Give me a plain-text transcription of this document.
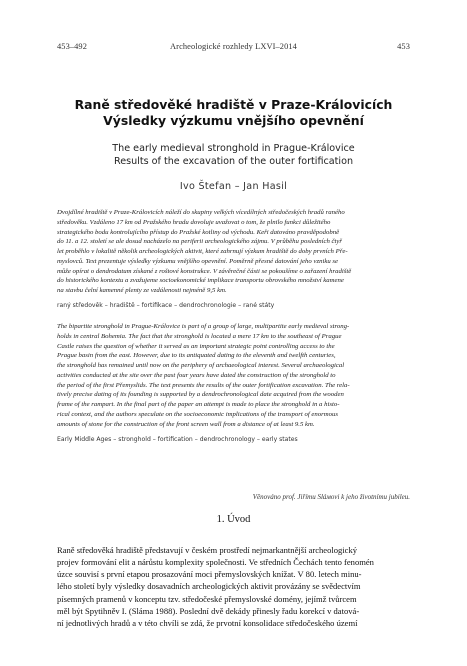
453–492	Archeologické rozhledy LXVI–2014	453
Raně středověké hradiště v Praze-Královicích
Výsledky výzkumu vnějšího opevnění
The early medieval stronghold in Prague-Královice
Results of the excavation of the outer fortification
Ivo Štefan – Jan Hasil
Dvojdílné hradiště v Praze-Královicích náleží do skupiny velkých vícedílných středočeských hradů raného
středověku. Vzdáleno 17 km od Pražského hradu dovoluje uvažovat o tom, že plnilo funkci důležitého
strategického bodu kontrolujícího přístup do Pražské kotliny od východu. Keři datováno pravděpodobně
do 11. a 12. století se ale dosud nacházelo na periferii archeologického zájmu. V průběhu posledních čtyř
let proběhlo v lokalitě několik archeologických aktivit, které zahrnují výzkum hradiště do doby prvních Pře-
myslovců. Text prezentuje výsledky výzkumu vnějšího opevnění. Poměrně přesné datování jeho vzniku se
může opírat o dendrodatum získané z roštové konstrukce. V závěrečné části se pokoušíme o zařazení hradiště
do historického kontextu a zvažujeme socioekonomické implikace transportu obrovského množství kamene
na stavbu čelní kamenné plenty ze vzdálenosti nejméně 9,5 km.
raný středověk – hradiště – fortifikace – dendrochronologie – rané státy
The bipartite stronghold in Prague-Královice is part of a group of large, multipartite early medieval strong-
holds in central Bohemia. The fact that the stronghold is located a mere 17 km to the southeast of Prague
Castle raises the question of whether it served as an important strategic point controlling access to the
Prague basin from the east. However, due to its antiquated dating to the eleventh and twelfth centuries,
the stronghold has remained until now on the periphery of archaeological interest. Several archaeological
activities conducted at the site over the past four years have dated the construction of the stronghold to
the period of the first Přemyslids. The text presents the results of the outer fortification excavation. The rela-
tively precise dating of its founding is supported by a dendrochronological date acquired from the wooden
frame of the rampart. In the final part of the paper an attempt is made to place the stronghold in a histo-
rical context, and the authors speculate on the socioeconomic implications of the transport of enormous
amounts of stone for the construction of the front screen wall from a distance of at least 9.5 km.
Early Middle Ages – stronghold – fortification – dendrochronology – early states
Věnováno prof. Jiřímu Sláмovi k jeho životnímu jubileu.
1. Úvod
Raně středověká hradiště představují v českém prostředí nejmarkantnější archeologický
projev formování elit a nárůstu komplexity společnosti. Ve středních Čechách tento fenomén
úzce souvisí s první etapou prosazování moci přemyslovských knížat. V 80. letech minu-
lého století byly výsledky dosavadních archeologických aktivit provázány se svědectvím
písemných pramenů v konceptu tzv. středočeské přemyslovské domény, jejímž tvůrcem
měl být Spytihněv I. (Sláma 1988). Poslední dvě dekády přinesly řadu korekcí v datová-
ní jednotlivých hradů a v této chvíli se zdá, že prvotní konsolidace středočeského území
